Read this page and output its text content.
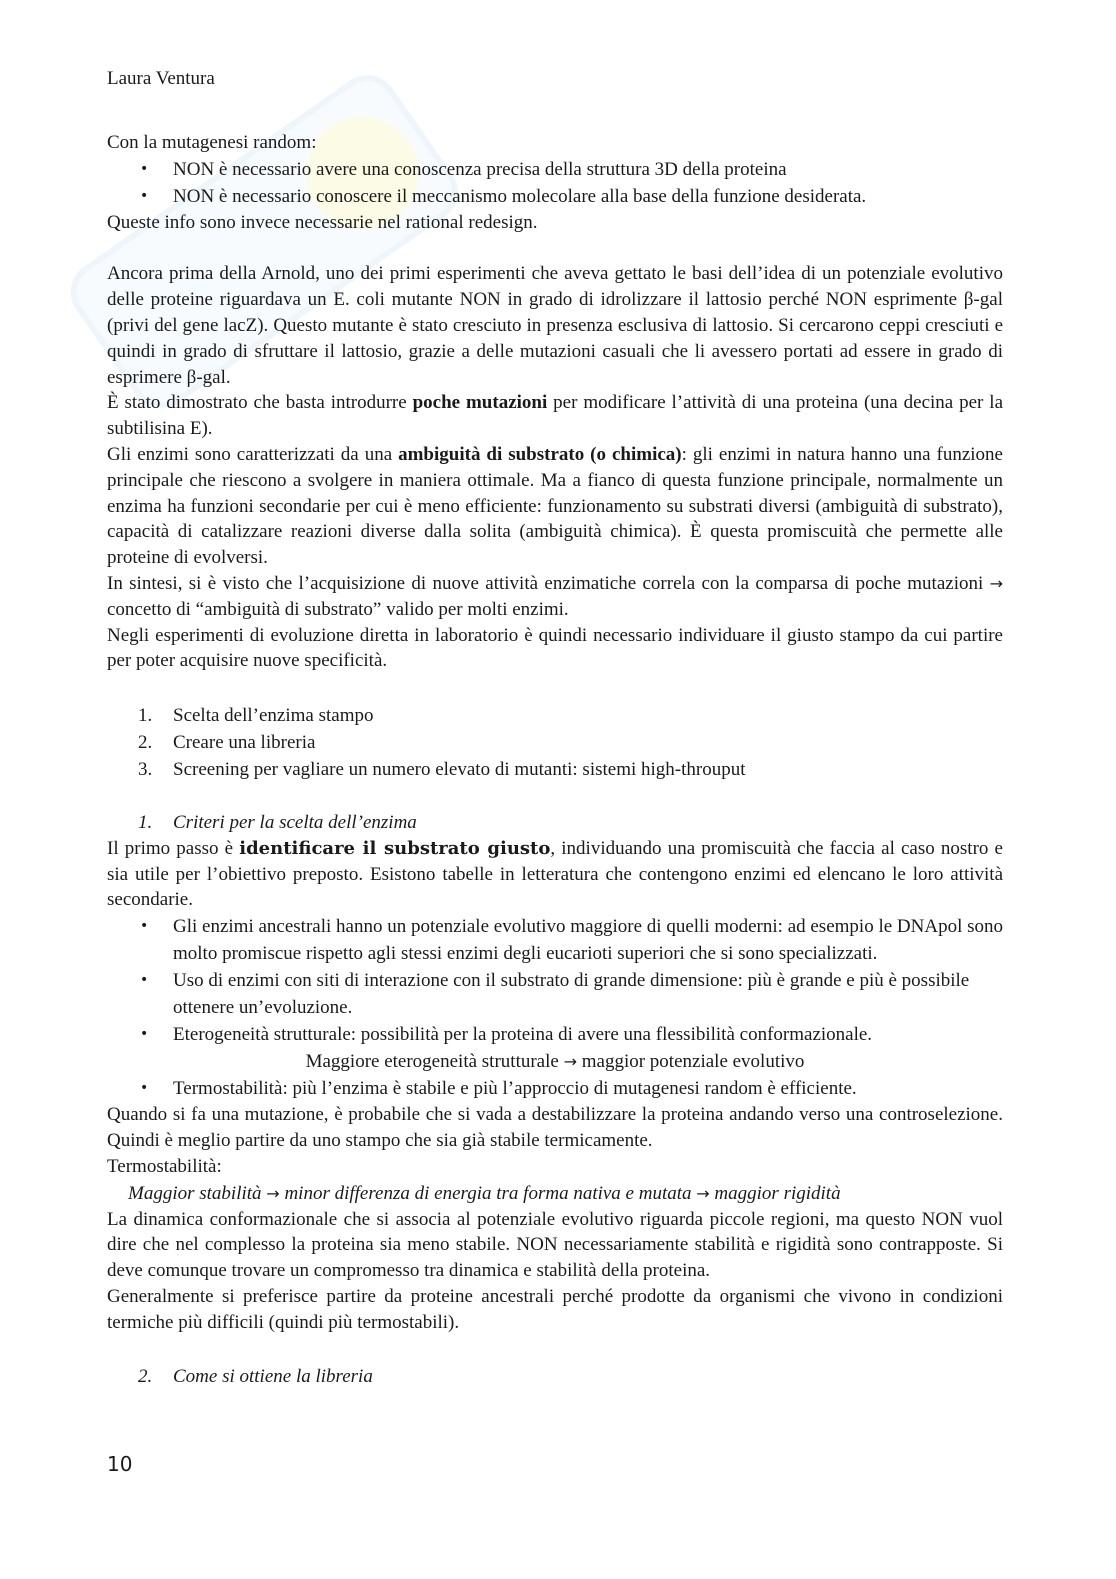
Laura Ventura

Con la mutagenesi random:

• NON è necessario avere una conoscenza precisa della struttura 3D della proteina
• NON è necessario conoscere il meccanismo molecolare alla base della funzione desiderata.

Queste info sono invece necessarie nel rational redesign.

Ancora prima della Arnold, uno dei primi esperimenti che aveva gettato le basi dell’idea di un potenziale evolutivo delle proteine riguardava un E. coli mutante NON in grado di idrolizzare il lattosio perché NON esprimente β-gal (privi del gene lacZ). Questo mutante è stato cresciuto in presenza esclusiva di lattosio. Si cercarono ceppi cresciuti e quindi in grado di sfruttare il lattosio, grazie a delle mutazioni casuali che li avessero portati ad essere in grado di esprimere β-gal.

È stato dimostrato che basta introdurre poche mutazioni per modificare l’attività di una proteina (una decina per la subtilisina E).

Gli enzimi sono caratterizzati da una ambiguità di substrato (o chimica): gli enzimi in natura hanno una funzione principale che riescono a svolgere in maniera ottimale. Ma a fianco di questa funzione principale, normalmente un enzima ha funzioni secondarie per cui è meno efficiente: funzionamento su substrati diversi (ambiguità di substrato), capacità di catalizzare reazioni diverse dalla solita (ambiguità chimica). È questa promiscuità che permette alle proteine di evolversi.

In sintesi, si è visto che l’acquisizione di nuove attività enzimatiche correla con la comparsa di poche mutazioni → concetto di “ambiguità di substrato” valido per molti enzimi.

Negli esperimenti di evoluzione diretta in laboratorio è quindi necessario individuare il giusto stampo da cui partire per poter acquisire nuove specificità.

1. Scelta dell’enzima stampo
2. Creare una libreria
3. Screening per vagliare un numero elevato di mutanti: sistemi high-throuput
1. Criteri per la scelta dell’enzima

Il primo passo è identificare il substrato giusto, individuando una promiscuità che faccia al caso nostro e sia utile per l’obiettivo preposto. Esistono tabelle in letteratura che contengono enzimi ed elencano le loro attività secondarie.

• Gli enzimi ancestrali hanno un potenziale evolutivo maggiore di quelli moderni: ad esempio le DNApol sono molto promiscue rispetto agli stessi enzimi degli eucarioti superiori che si sono specializzati.
• Uso di enzimi con siti di interazione con il substrato di grande dimensione: più è grande e più è possibile ottenere un’evoluzione.
• Eterogeneità strutturale: possibilità per la proteina di avere una flessibilità conformazionale.
Maggiore eterogeneità strutturale → maggior potenziale evolutivo
• Termostabilità: più l’enzima è stabile e più l’approccio di mutagenesi random è efficiente.

Quando si fa una mutazione, è probabile che si vada a destabilizzare la proteina andando verso una controselezione. Quindi è meglio partire da uno stampo che sia già stabile termicamente.

Termostabilità:

Maggior stabilità → minor differenza di energia tra forma nativa e mutata → maggior rigidità

La dinamica conformazionale che si associa al potenziale evolutivo riguarda piccole regioni, ma questo NON vuol dire che nel complesso la proteina sia meno stabile. NON necessariamente stabilità e rigidità sono contrapposte. Si deve comunque trovare un compromesso tra dinamica e stabilità della proteina.

Generalmente si preferisce partire da proteine ancestrali perché prodotte da organismi che vivono in condizioni termiche più difficili (quindi più termostabili).

2. Come si ottiene la libreria
10
